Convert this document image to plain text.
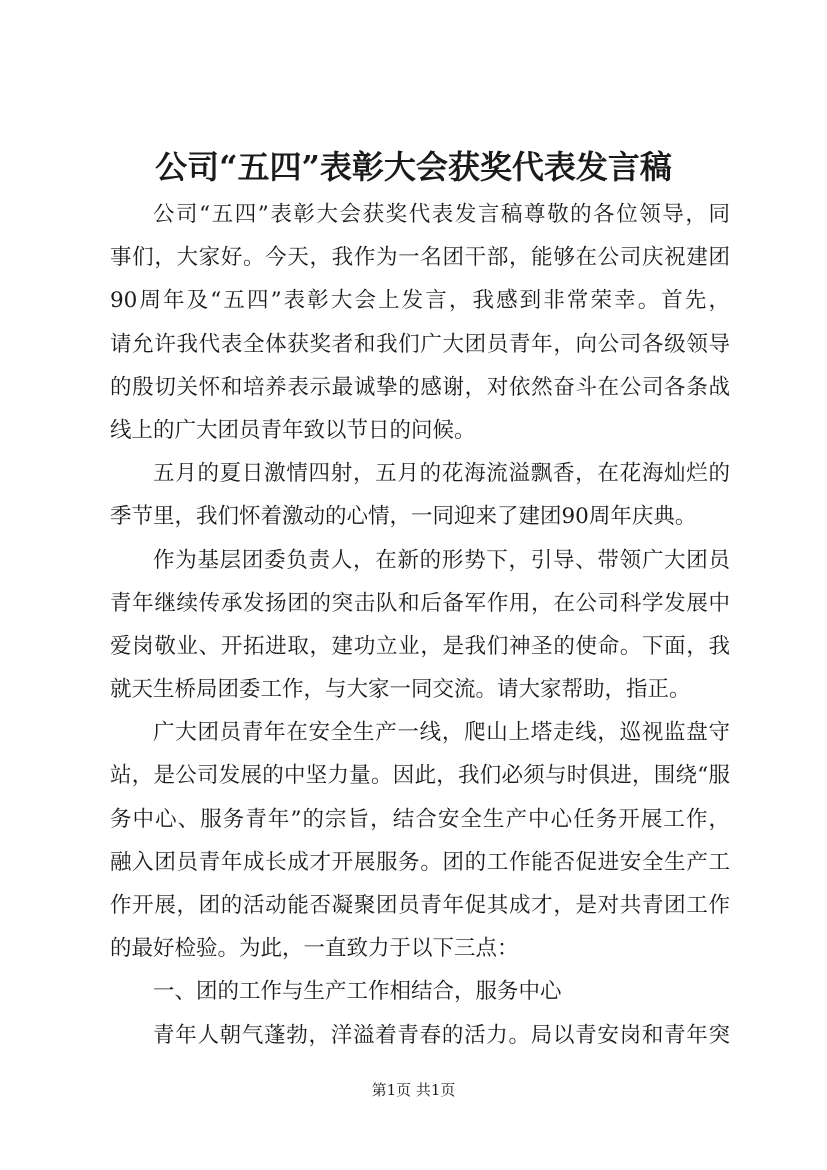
公司“五四”表彰大会获奖代表发言稿
公司“五四”表彰大会获奖代表发言稿尊敬的各位领导，同
事们，大家好。今天，我作为一名团干部，能够在公司庆祝建团
90周年及“五四”表彰大会上发言，我感到非常荣幸。首先，
请允许我代表全体获奖者和我们广大团员青年，向公司各级领导
的殷切关怀和培养表示最诚挚的感谢，对依然奋斗在公司各条战
线上的广大团员青年致以节日的问候。
五月的夏日激情四射，五月的花海流溢飘香，在花海灿烂的
季节里，我们怀着激动的心情，一同迎来了建团90周年庆典。
作为基层团委负责人，在新的形势下，引导、带领广大团员
青年继续传承发扬团的突击队和后备军作用，在公司科学发展中
爱岗敬业、开拓进取，建功立业，是我们神圣的使命。下面，我
就天生桥局团委工作，与大家一同交流。请大家帮助，指正。
广大团员青年在安全生产一线，爬山上塔走线，巡视监盘守
站，是公司发展的中坚力量。因此，我们必须与时俱进，围绕“服
务中心、服务青年”的宗旨，结合安全生产中心任务开展工作，
融入团员青年成长成才开展服务。团的工作能否促进安全生产工
作开展，团的活动能否凝聚团员青年促其成才，是对共青团工作
的最好检验。为此，一直致力于以下三点：
一、团的工作与生产工作相结合，服务中心
青年人朝气蓬勃，洋溢着青春的活力。局以青安岗和青年突
第1页 共1页
